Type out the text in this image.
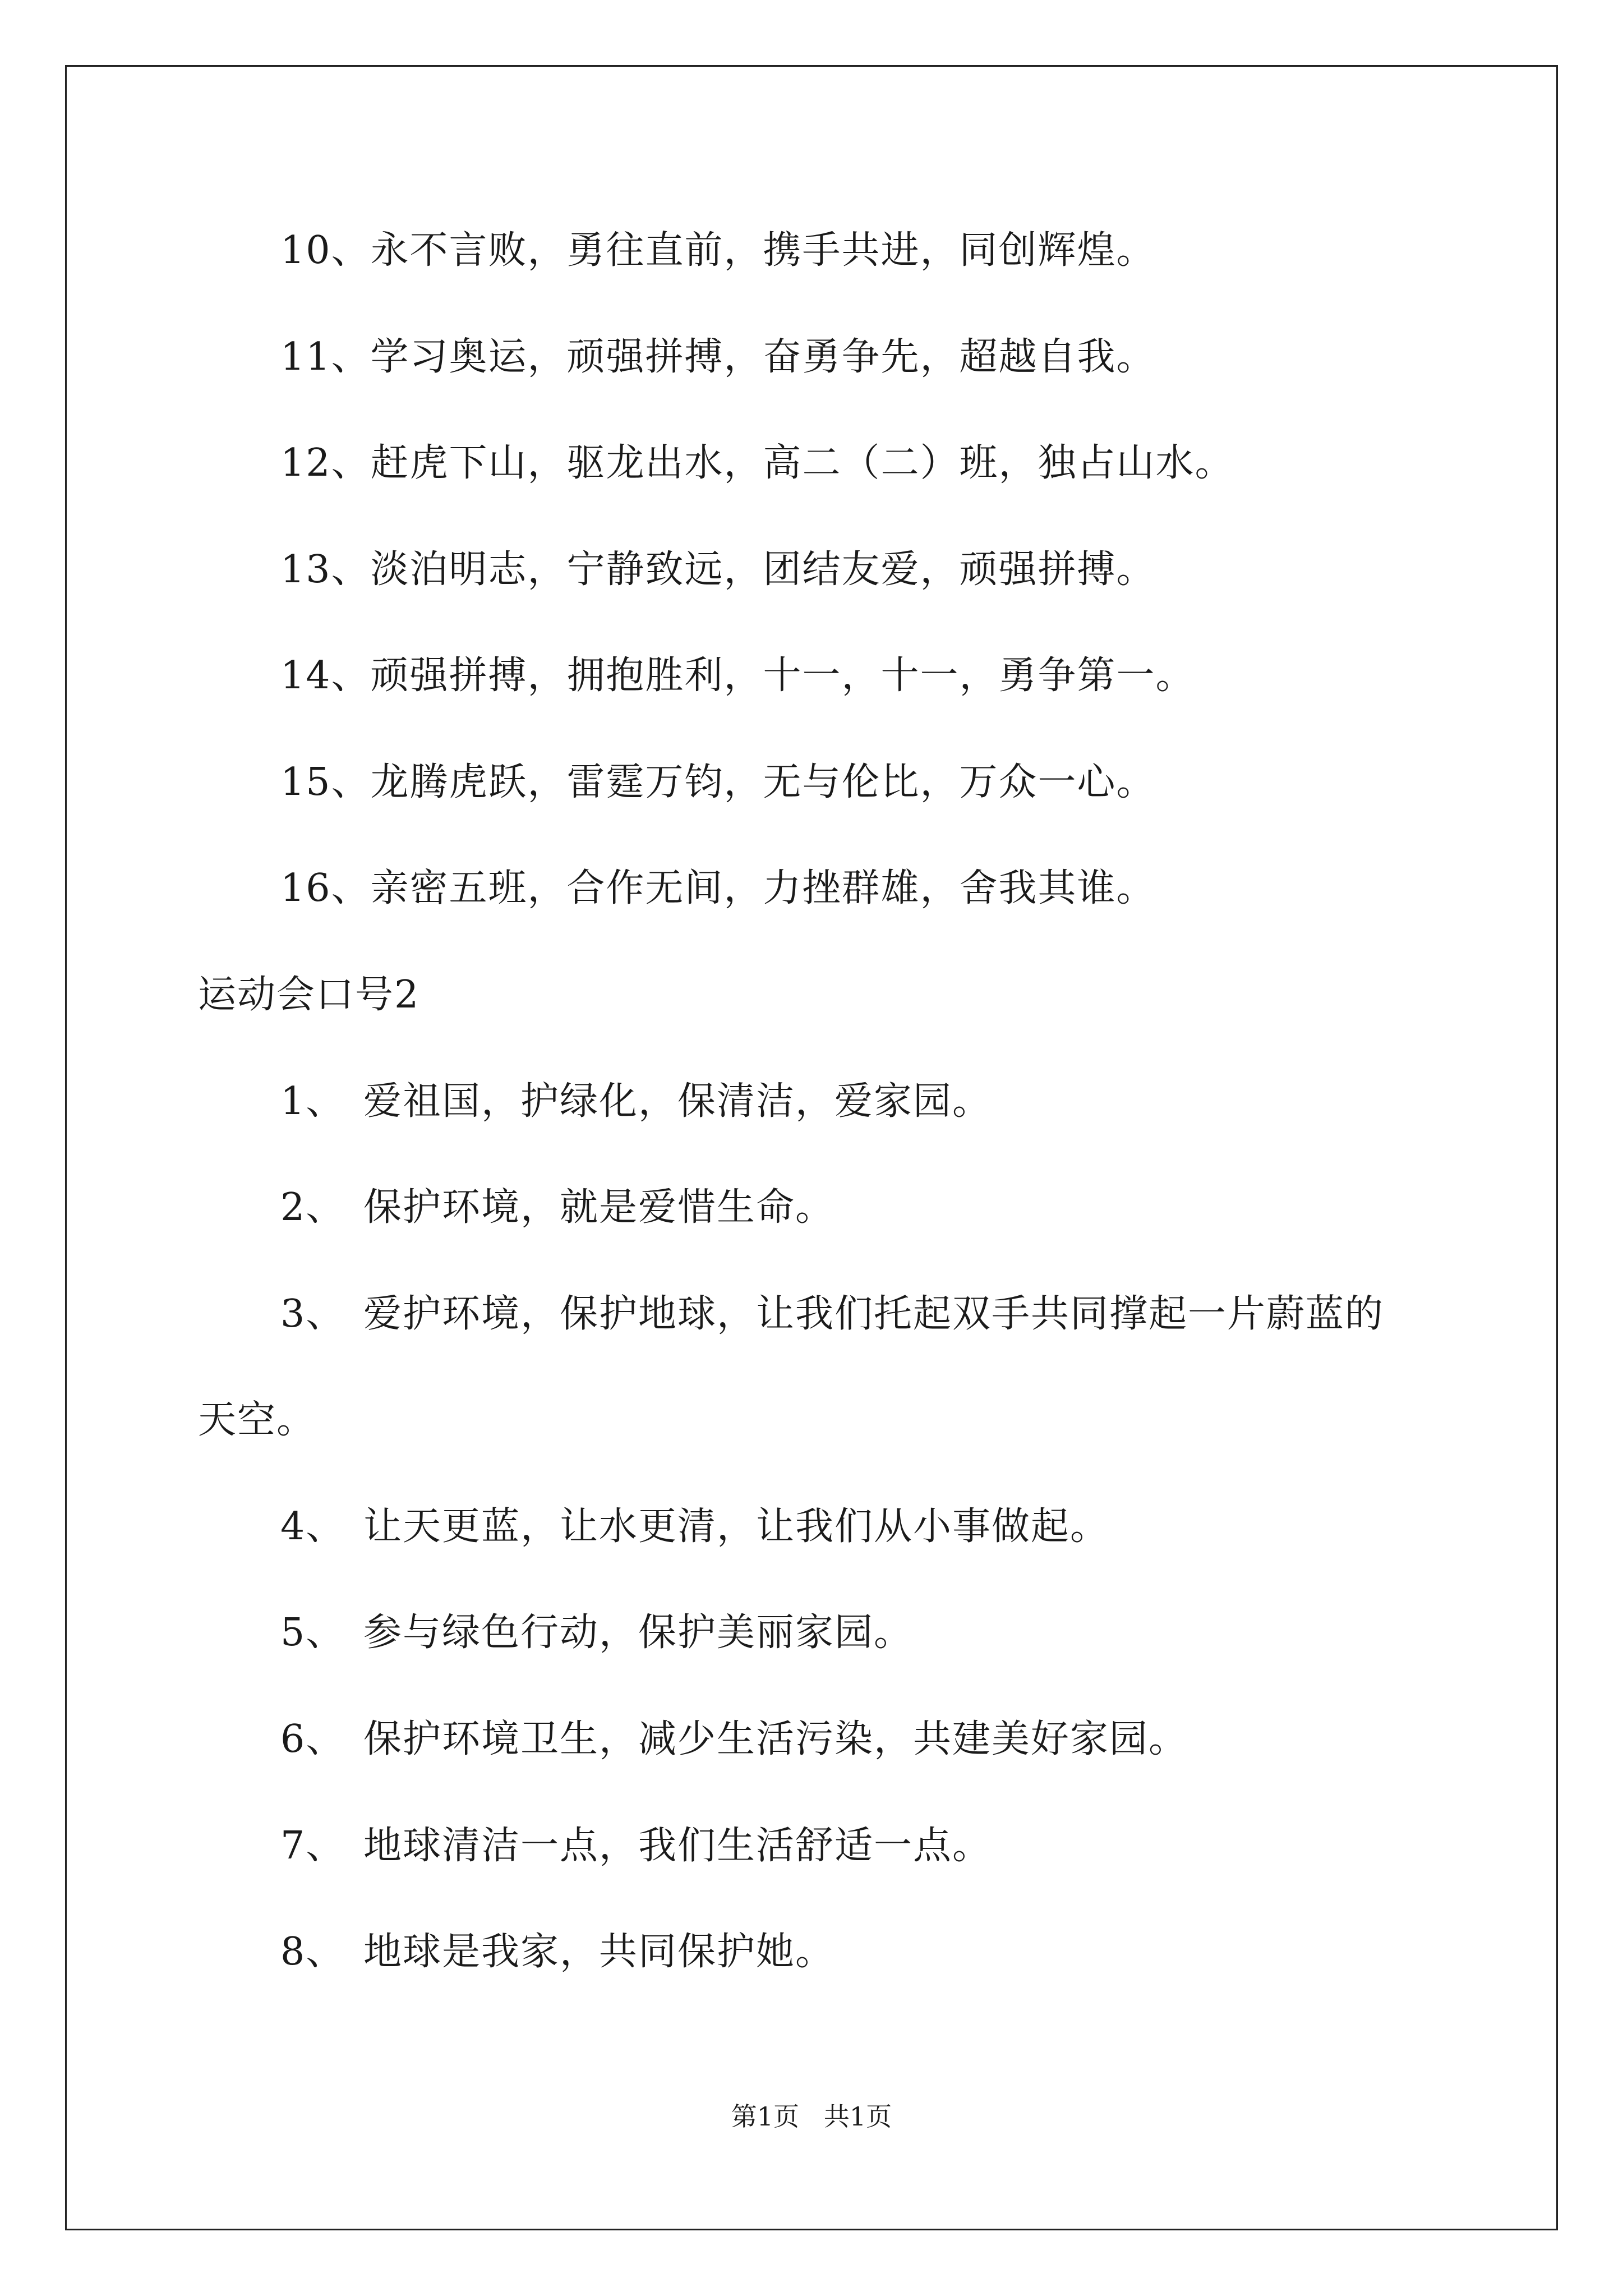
10、永不言败，勇往直前，携手共进，同创辉煌。
11、学习奥运，顽强拼搏，奋勇争先，超越自我。
12、赶虎下山，驱龙出水，高二（二）班，独占山水。
13、淡泊明志，宁静致远，团结友爱，顽强拼搏。
14、顽强拼搏，拥抱胜利，十一，十一，勇争第一。
15、龙腾虎跃，雷霆万钧，无与伦比，万众一心。
16、亲密五班，合作无间，力挫群雄，舍我其谁。
运动会口号2
1、 爱祖国，护绿化，保清洁，爱家园。
2、 保护环境，就是爱惜生命。
3、 爱护环境，保护地球，让我们托起双手共同撑起一片蔚蓝的
天空。
4、 让天更蓝，让水更清，让我们从小事做起。
5、 参与绿色行动，保护美丽家园。
6、 保护环境卫生，减少生活污染，共建美好家园。
7、 地球清洁一点，我们生活舒适一点。
8、 地球是我家，共同保护她。
第1页   共1页
